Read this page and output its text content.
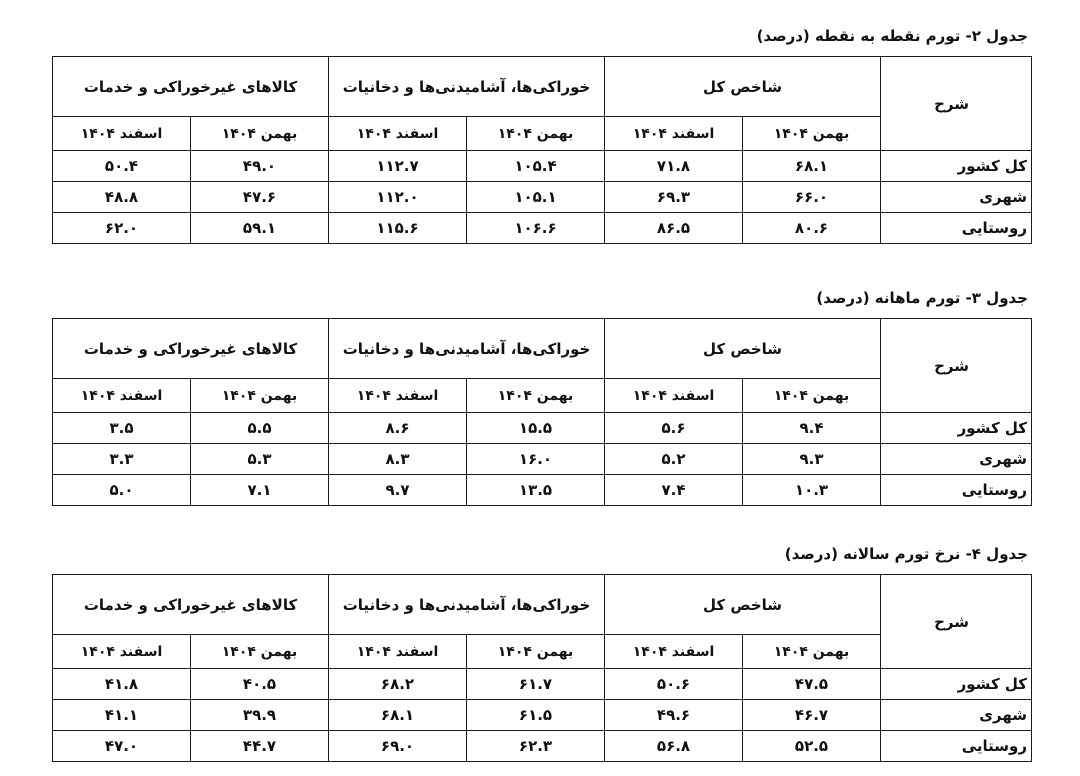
جدول ۲- تورم نقطه به نقطه (درصد)
شرح	شاخص کل		خوراکی‌ها، آشامیدنی‌ها و دخانیات		کالاهای غیرخوراکی و خدمات	
	بهمن ۱۴۰۴	اسفند ۱۴۰۴	بهمن ۱۴۰۴	اسفند ۱۴۰۴	بهمن ۱۴۰۴	اسفند ۱۴۰۴
کل کشور	۶۸.۱	۷۱.۸	۱۰۵.۴	۱۱۲.۷	۴۹.۰	۵۰.۴
شهری	۶۶.۰	۶۹.۳	۱۰۵.۱	۱۱۲.۰	۴۷.۶	۴۸.۸
روستایی	۸۰.۶	۸۶.۵	۱۰۶.۶	۱۱۵.۶	۵۹.۱	۶۲.۰
جدول ۳- تورم ماهانه (درصد)
شرح	شاخص کل		خوراکی‌ها، آشامیدنی‌ها و دخانیات		کالاهای غیرخوراکی و خدمات	
	بهمن ۱۴۰۴	اسفند ۱۴۰۴	بهمن ۱۴۰۴	اسفند ۱۴۰۴	بهمن ۱۴۰۴	اسفند ۱۴۰۴
کل کشور	۹.۴	۵.۶	۱۵.۵	۸.۶	۵.۵	۳.۵
شهری	۹.۳	۵.۲	۱۶.۰	۸.۳	۵.۳	۳.۳
روستایی	۱۰.۳	۷.۴	۱۳.۵	۹.۷	۷.۱	۵.۰
جدول ۴- نرخ تورم سالانه (درصد)
شرح	شاخص کل		خوراکی‌ها، آشامیدنی‌ها و دخانیات		کالاهای غیرخوراکی و خدمات	
	بهمن ۱۴۰۴	اسفند ۱۴۰۴	بهمن ۱۴۰۴	اسفند ۱۴۰۴	بهمن ۱۴۰۴	اسفند ۱۴۰۴
کل کشور	۴۷.۵	۵۰.۶	۶۱.۷	۶۸.۲	۴۰.۵	۴۱.۸
شهری	۴۶.۷	۴۹.۶	۶۱.۵	۶۸.۱	۳۹.۹	۴۱.۱
روستایی	۵۲.۵	۵۶.۸	۶۲.۳	۶۹.۰	۴۴.۷	۴۷.۰
